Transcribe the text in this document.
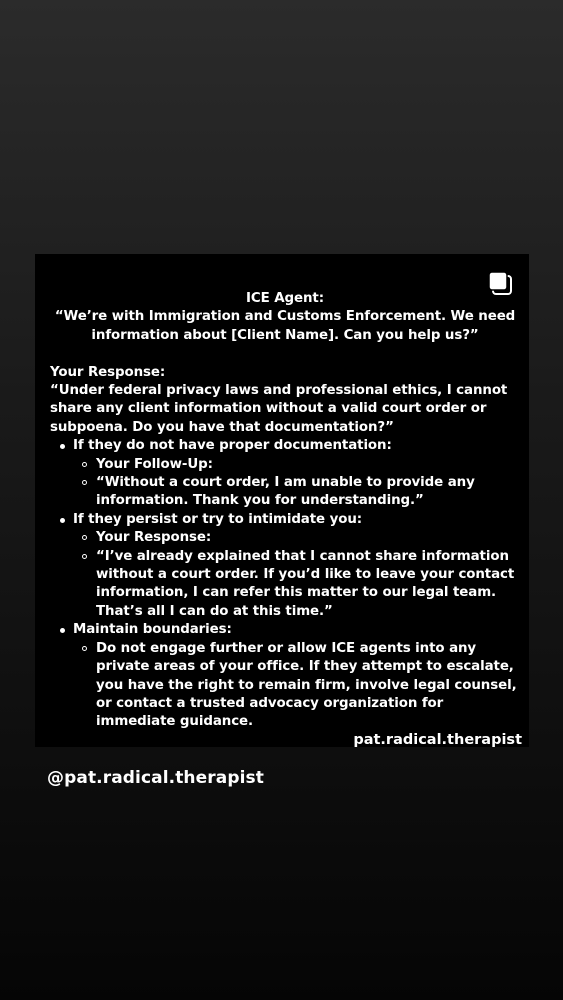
ICE Agent:
“We’re with Immigration and Customs Enforcement. We need information about [Client Name]. Can you help us?”
Your Response:
“Under federal privacy laws and professional ethics, I cannot share any client information without a valid court order or subpoena. Do you have that documentation?”
If they do not have proper documentation:
Your Follow-Up:
“Without a court order, I am unable to provide any information. Thank you for understanding.”
If they persist or try to intimidate you:
Your Response:
“I’ve already explained that I cannot share information without a court order. If you’d like to leave your contact information, I can refer this matter to our legal team. That’s all I can do at this time.”
Maintain boundaries:
Do not engage further or allow ICE agents into any private areas of your office. If they attempt to escalate, you have the right to remain firm, involve legal counsel, or contact a trusted advocacy organization for immediate guidance.
pat.radical.therapist
@pat.radical.therapist
